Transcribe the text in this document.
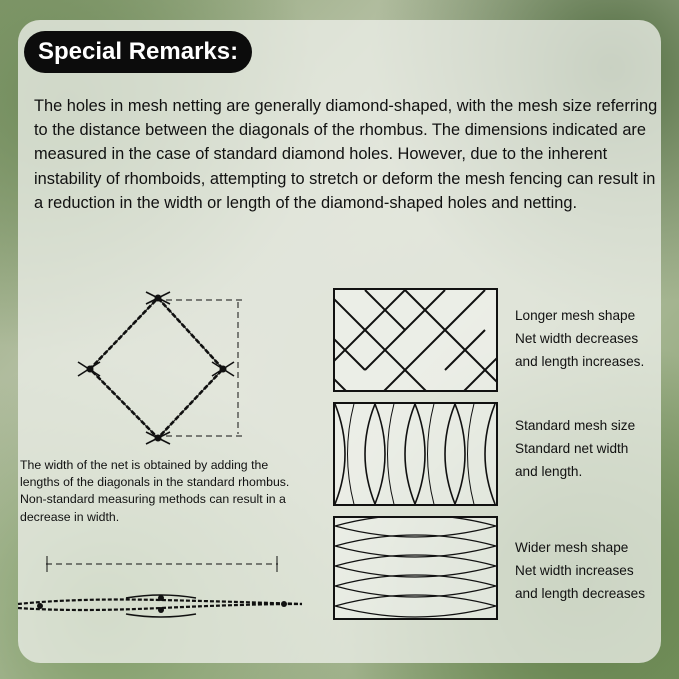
Special Remarks:

The holes in mesh netting are generally diamond-shaped, with the mesh size referring to the distance between the diagonals of the rhombus. The dimensions indicated are measured in the case of standard diamond holes. However, due to the inherent instability of rhomboids, attempting to stretch or deform the mesh fencing can result in a reduction in the width or length of the diamond-shaped holes and netting.

The width of the net is obtained by adding the lengths of the diagonals in the standard rhombus. Non-standard measuring methods can result in a decrease in width.

Longer mesh shape
Net width decreases
and length increases.
Standard mesh size
Standard net width
and length.
Wider mesh shape
Net width increases
and length decreases
